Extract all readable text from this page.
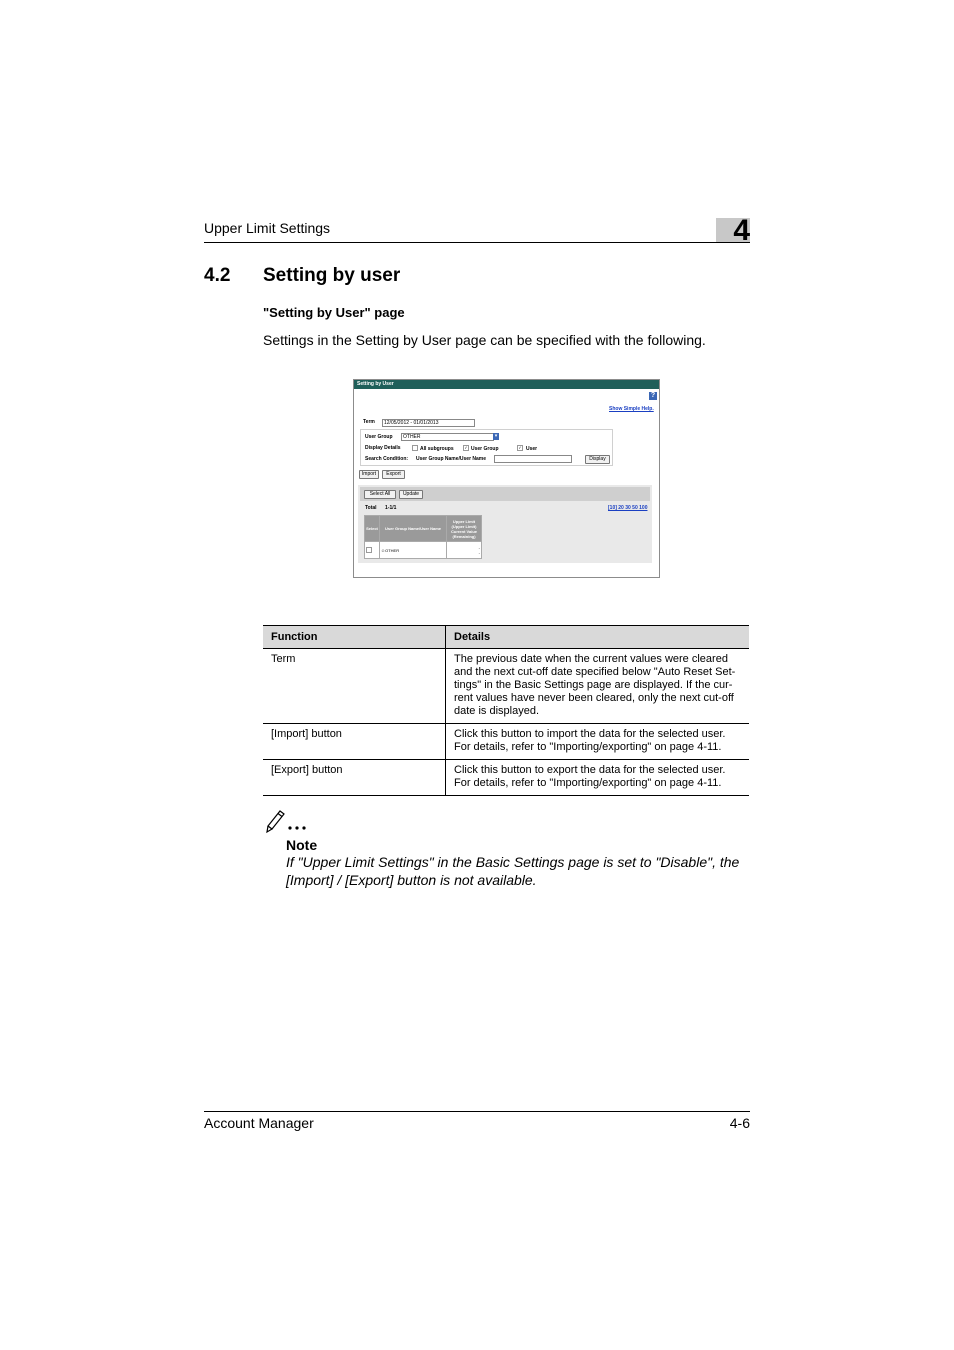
Upper Limit Settings	4
4.2 Setting by user
"Setting by User" page
Settings in the Setting by User page can be specified with the following.
Setting by User
?
Show Simple Help.
Term	12/05/2012 - 01/01/2013
User Group	OTHER	▾
Display Details	All subgroups	✓ User Group	✓ User
Search Condition: User Group Name/User Name	Display
Import	Export
Select All	Update
Total 1-1/1	[10] 20 30 50 100
Select	User Group Name/User Name	Upper Limit (Upper Limit) Current Value (Remaining)
	☺OTHER	-
-
Function	Details
Term	The previous date when the current values were cleared and the next cut-off date specified below "Auto Reset Set-tings" in the Basic Settings page are displayed. If the cur-rent values have never been cleared, only the next cut-off date is displayed.
[Import] button	Click this button to import the data for the selected user. For details, refer to "Importing/exporting" on page 4-11.
[Export] button	Click this button to export the data for the selected user. For details, refer to "Importing/exporting" on page 4-11.
Note
If "Upper Limit Settings" in the Basic Settings page is set to "Disable", the [Import] / [Export] button is not available.
Account Manager	4-6
